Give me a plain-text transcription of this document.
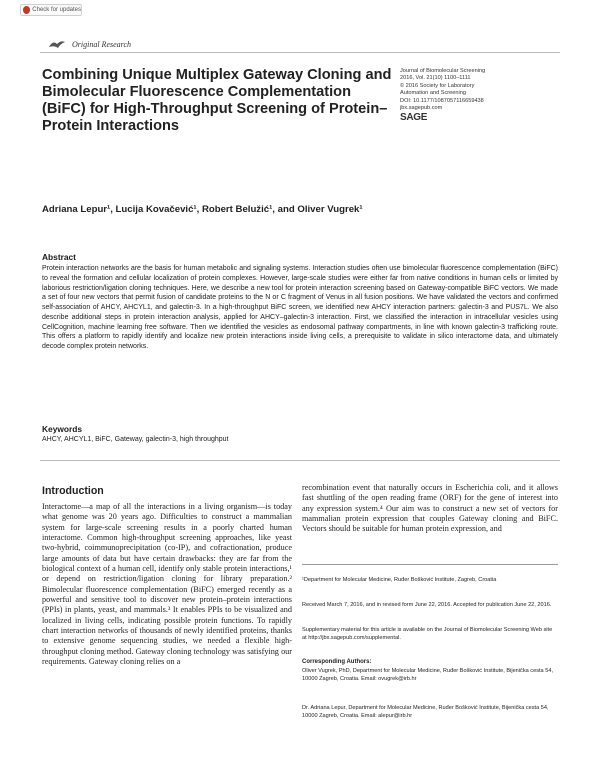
Check for updates
Original Research
Combining Unique Multiplex Gateway Cloning and Bimolecular Fluorescence Complementation (BiFC) for High-Throughput Screening of Protein–Protein Interactions
Journal of Biomolecular Screening
2016, Vol. 21(10) 1100–1111
© 2016 Society for Laboratory
Automation and Screening
DOI: 10.1177/1087057116659438
jbx.sagepub.com
SAGE
Adriana Lepur¹, Lucija Kovačević¹, Robert Belužić¹, and Oliver Vugrek¹
Abstract
Protein interaction networks are the basis for human metabolic and signaling systems. Interaction studies often use bimolecular fluorescence complementation (BiFC) to reveal the formation and cellular localization of protein complexes. However, large-scale studies were either far from native conditions in human cells or limited by laborious restriction/ligation cloning techniques. Here, we describe a new tool for protein interaction screening based on Gateway-compatible BiFC vectors. We made a set of four new vectors that permit fusion of candidate proteins to the N or C fragment of Venus in all fusion positions. We have validated the vectors and confirmed self-association of AHCY, AHCYL1, and galectin-3. In a high-throughput BiFC screen, we identified new AHCY interaction partners: galectin-3 and PUS7L. We also describe additional steps in protein interaction analysis, applied for AHCY–galectin-3 interaction. First, we classified the interaction in intracellular vesicles using CellCognition, machine learning free software. Then we identified the vesicles as endosomal pathway compartments, in line with known galectin-3 trafficking route. This offers a platform to rapidly identify and localize new protein interactions inside living cells, a prerequisite to validate in silico interactome data, and ultimately decode complex protein networks.
Keywords
AHCY, AHCYL1, BiFC, Gateway, galectin-3, high throughput
Introduction
Interactome—a map of all the interactions in a living organism—is today what genome was 20 years ago. Difficulties to construct a mammalian system for large-scale screening results in a poorly charted human interactome. Common high-throughput screening approaches, like yeast two-hybrid, coimmunoprecipitation (co-IP), and cofractionation, produce large amounts of data but have certain drawbacks: they are far from the biological context of a human cell, identify only stable protein interactions,¹ or depend on restriction/ligation cloning for library preparation.² Bimolecular fluorescence complementation (BiFC) emerged recently as a powerful and sensitive tool to discover new protein–protein interactions (PPIs) in plants, yeast, and mammals.³ It enables PPIs to be visualized and localized in living cells, indicating possible protein functions. To rapidly chart interaction networks of thousands of newly identified proteins, thanks to extensive genome sequencing studies, we needed a flexible high-throughput cloning method. Gateway cloning technology was satisfying our requirements. Gateway cloning relies on a
recombination event that naturally occurs in Escherichia coli, and it allows fast shuttling of the open reading frame (ORF) for the gene of interest into any expression system.⁴ Our aim was to construct a new set of vectors for mammalian protein expression that couples Gateway cloning and BiFC. Vectors should be suitable for human protein expression, and
¹Department for Molecular Medicine, Ruđer Bošković Institute, Zagreb, Croatia
Received March 7, 2016, and in revised form June 22, 2016. Accepted for publication June 22, 2016.
Supplementary material for this article is available on the Journal of Biomolecular Screening Web site at http://jbx.sagepub.com/supplemental.
Corresponding Authors:
Oliver Vugrek, PhD, Department for Molecular Medicine, Ruđer Bošković Institute, Bijenička cesta 54, 10000 Zagreb, Croatia. Email: ovugrek@irb.hr
Dr. Adriana Lepur, Department for Molecular Medicine, Ruđer Bošković Institute, Bijenička cesta 54, 10000 Zagreb, Croatia. Email: alepur@irb.hr
